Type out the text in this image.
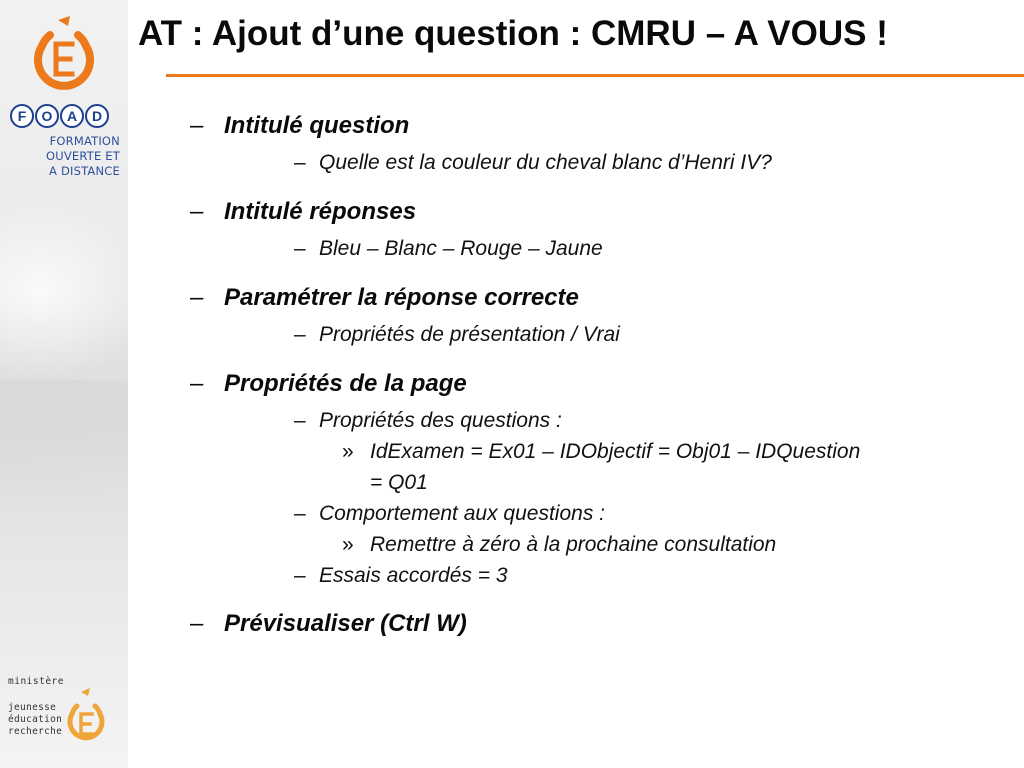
F	O	A	D
FORMATION
OUVERTE ET
A DISTANCE
ministère
jeunesse
éducation
recherche
AT : Ajout d’une question : CMRU – A VOUS !
– Intitulé question
– Quelle est la couleur du cheval blanc d’Henri IV?
– Intitulé réponses
– Bleu – Blanc – Rouge – Jaune
– Paramétrer la réponse correcte
– Propriétés de présentation / Vrai
– Propriétés de la page
– Propriétés des questions :
» IdExamen = Ex01 – IDObjectif = Obj01 – IDQuestion
= Q01
– Comportement aux questions :
» Remettre à zéro à la prochaine consultation
– Essais accordés = 3
– Prévisualiser (Ctrl W)
